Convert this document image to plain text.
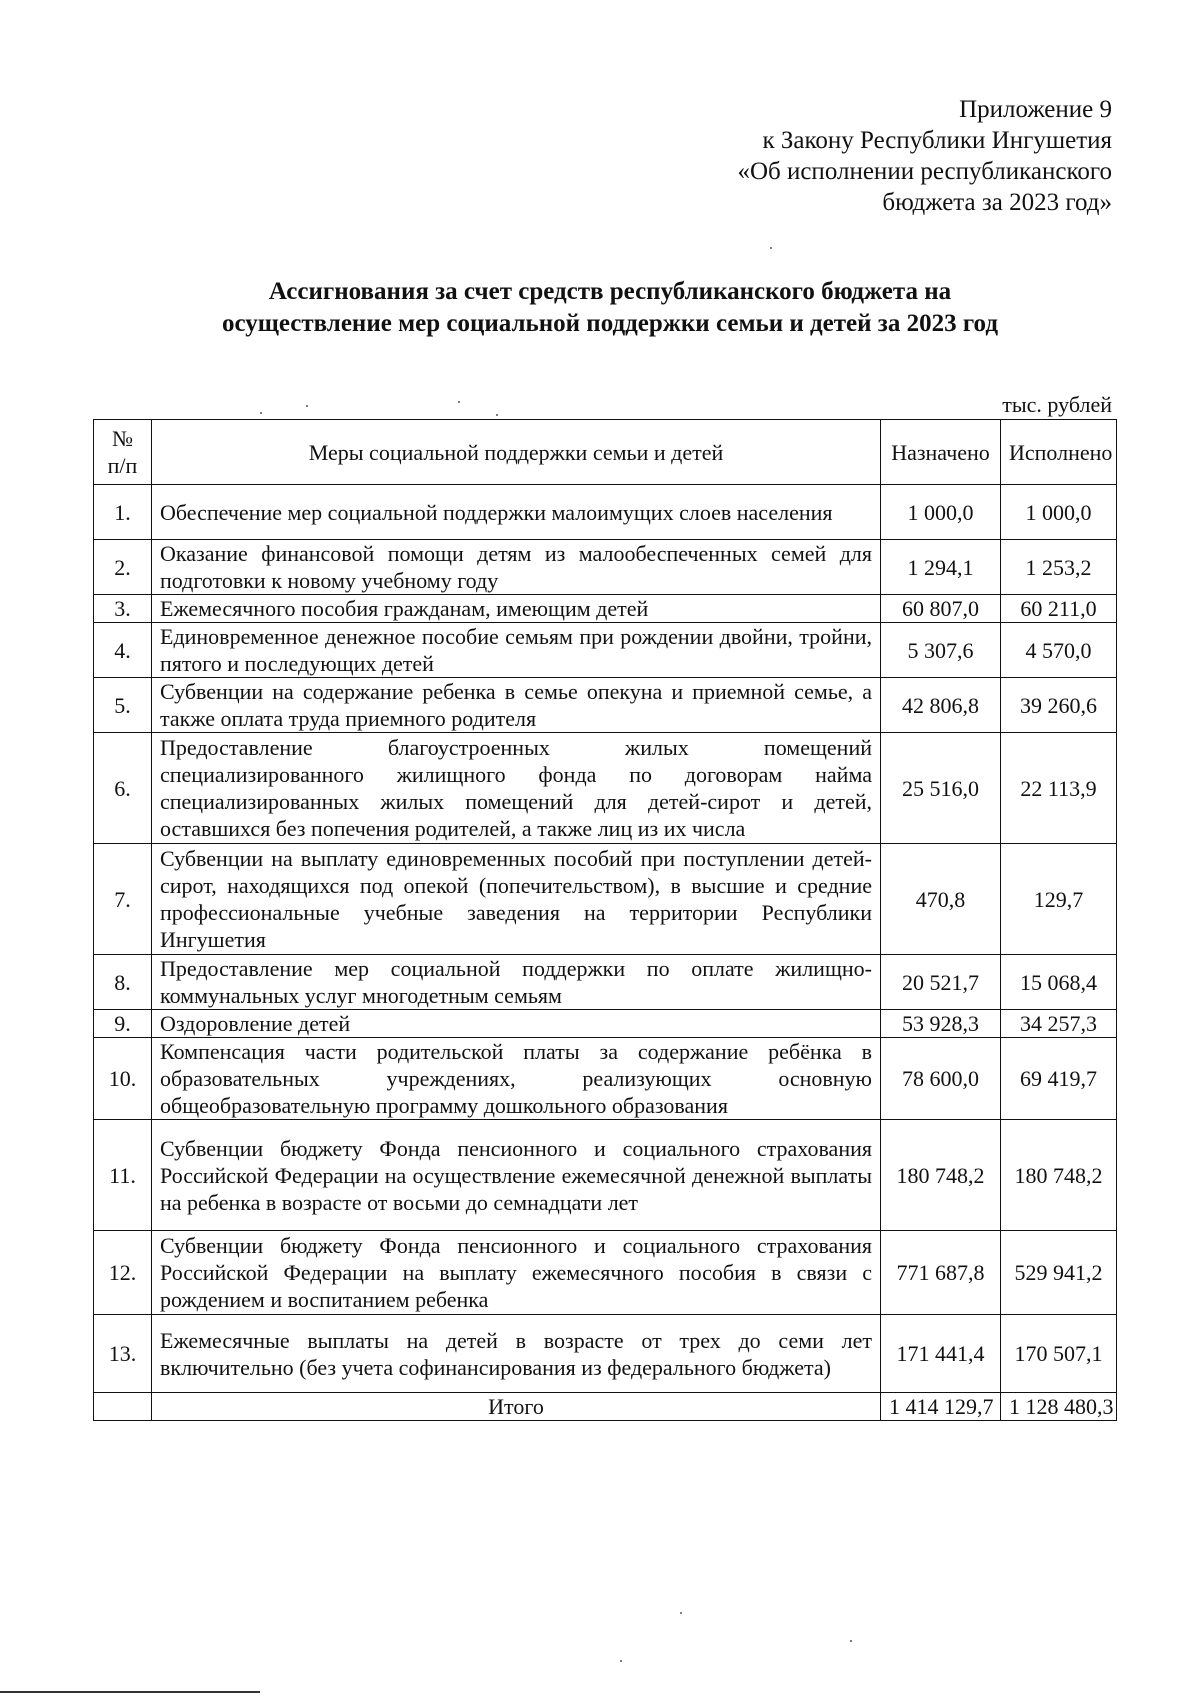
Приложение 9
к Закону Республики Ингушетия
«Об исполнении республиканского
бюджета за 2023 год»
Ассигнования за счет средств республиканского бюджета на
осуществление мер социальной поддержки семьи и детей за 2023 год
тыс. рублей
№ п/п	Меры социальной поддержки семьи и детей	Назначено	Исполнено
1.	Обеспечение мер социальной поддержки малоимущих слоев населения	1 000,0	1 000,0
2.	Оказание финансовой помощи детям из малообеспеченных семей для подготовки к новому учебному году	1 294,1	1 253,2
3.	Ежемесячного пособия гражданам, имеющим детей	60 807,0	60 211,0
4.	Единовременное денежное пособие семьям при рождении двойни, тройни, пятого и последующих детей	5 307,6	4 570,0
5.	Субвенции на содержание ребенка в семье опекуна и приемной семье, а также оплата труда приемного родителя	42 806,8	39 260,6
6.	Предоставление благоустроенных жилых помещений специализированного жилищного фонда по договорам найма специализированных жилых помещений для детей-сирот и детей, оставшихся без попечения родителей, а также лиц из их числа	25 516,0	22 113,9
7.	Субвенции на выплату единовременных пособий при поступлении детей-сирот, находящихся под опекой (попечительством), в высшие и средние профессиональные учебные заведения на территории Республики Ингушетия	470,8	129,7
8.	Предоставление мер социальной поддержки по оплате жилищно-коммунальных услуг многодетным семьям	20 521,7	15 068,4
9.	Оздоровление детей	53 928,3	34 257,3
10.	Компенсация части родительской платы за содержание ребёнка в образовательных учреждениях, реализующих основную общеобразовательную программу дошкольного образования	78 600,0	69 419,7
11.	Субвенции бюджету Фонда пенсионного и социального страхования Российской Федерации на осуществление ежемесячной денежной выплаты на ребенка в возрасте от восьми до семнадцати лет	180 748,2	180 748,2
12.	Субвенции бюджету Фонда пенсионного и социального страхования Российской Федерации на выплату ежемесячного пособия в связи с рождением и воспитанием ребенка	771 687,8	529 941,2
13.	Ежемесячные выплаты на детей в возрасте от трех до семи лет включительно (без учета софинансирования из федерального бюджета)	171 441,4	170 507,1
	Итого	1 414 129,7	1 128 480,3
